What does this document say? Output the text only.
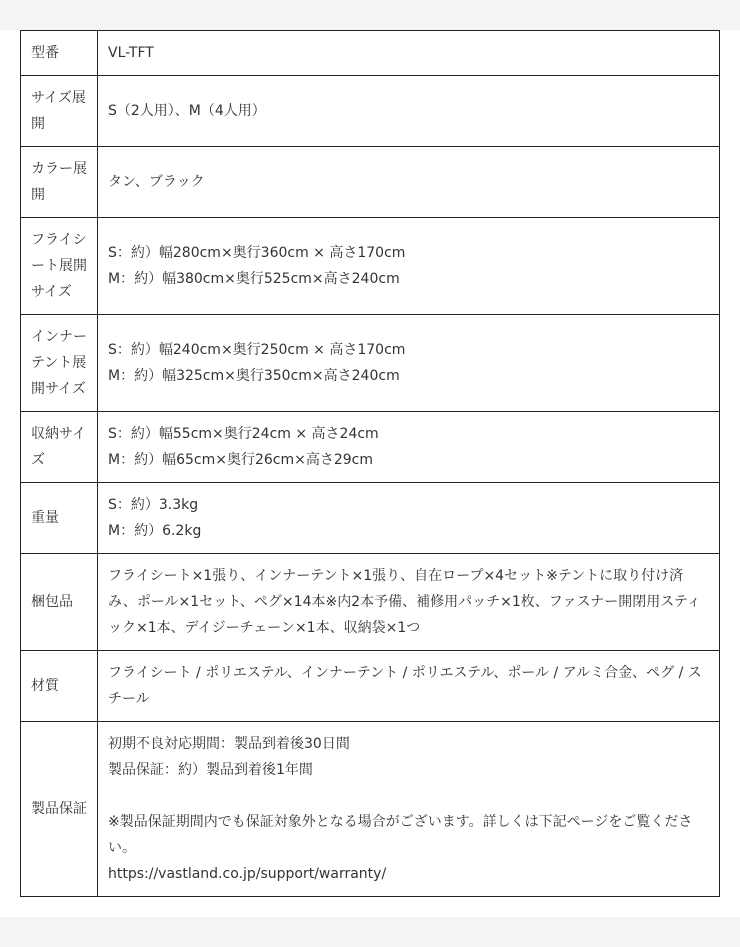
型番	VL-TFT

サイズ展開	S（2人用）、M（4人用）

カラー展開	タン、ブラック

フライシート展開サイズ	S：約）幅280cm×奥行360cm × 高さ170cm
M：約）幅380cm×奥行525cm×高さ240cm

インナーテント展開サイズ	S：約）幅240cm×奥行250cm × 高さ170cm
M：約）幅325cm×奥行350cm×高さ240cm

収納サイズ	S：約）幅55cm×奥行24cm × 高さ24cm
M：約）幅65cm×奥行26cm×高さ29cm

重量	S：約）3.3kg
M：約）6.2kg

梱包品	フライシート×1張り、インナーテント×1張り、自在ロープ×4セット※テントに取り付け済み、ポール×1セット、ペグ×14本※内2本予備、補修用パッチ×1枚、ファスナー開閉用スティック×1本、デイジーチェーン×1本、収納袋×1つ

材質	フライシート / ポリエステル、インナーテント / ポリエステル、ポール / アルミ合金、ペグ / スチール

製品保証	初期不良対応期間：製品到着後30日間
製品保証：約）製品到着後1年間
※製品保証期間内でも保証対象外となる場合がございます。詳しくは下記ページをご覧ください。
https://vastland.co.jp/support/warranty/
